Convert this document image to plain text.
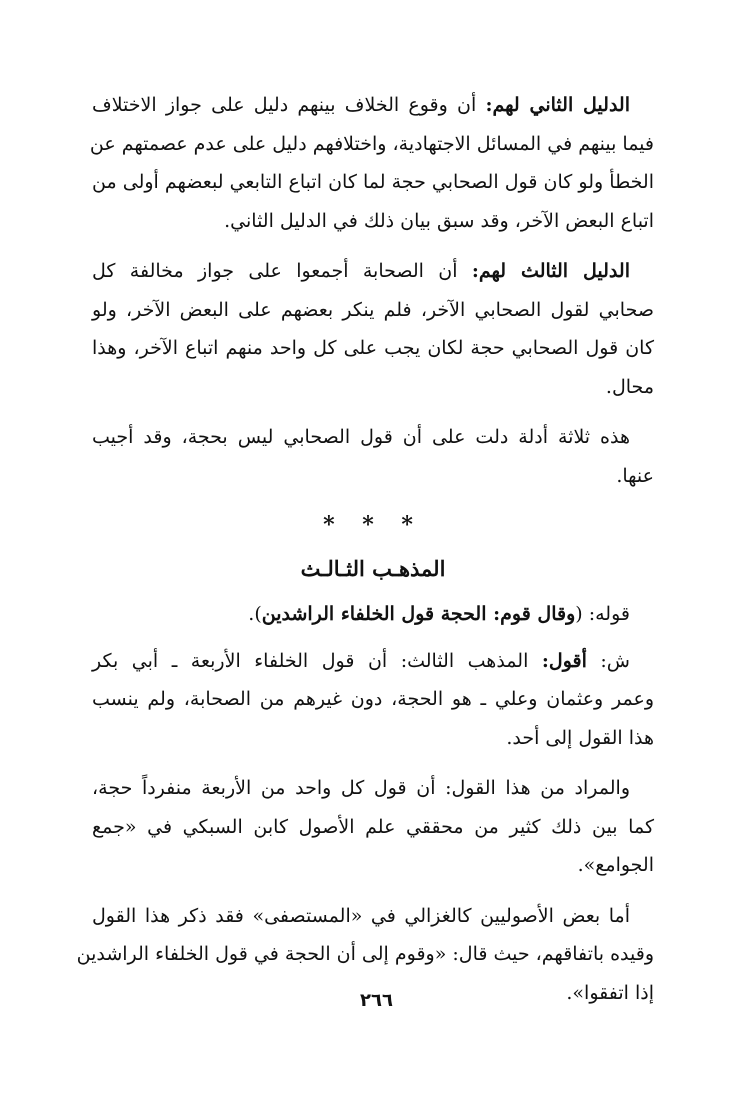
الدليل الثاني لهم: أن وقوع الخلاف بينهم دليل على جواز الاختلاف
فيما بينهم في المسائل الاجتهادية، واختلافهم دليل على عدم عصمتهم عن
الخطأ ولو كان قول الصحابي حجة لما كان اتباع التابعي لبعضهم أولى من
اتباع البعض الآخر، وقد سبق بيان ذلك في الدليل الثاني.

الدليل الثالث لهم: أن الصحابة أجمعوا على جواز مخالفة كل
صحابي لقول الصحابي الآخر، فلم ينكر بعضهم على البعض الآخر، ولو
كان قول الصحابي حجة لكان يجب على كل واحد منهم اتباع الآخر، وهذا
محال.

هذه ثلاثة أدلة دلت على أن قول الصحابي ليس بحجة، وقد أجيب
عنها.

* * *
المذهـب الثـالـث

قوله: (وقال قوم: الحجة قول الخلفاء الراشدين).

ش: أقول: المذهب الثالث: أن قول الخلفاء الأربعة ـ أبي بكر
وعمر وعثمان وعلي ـ هو الحجة، دون غيرهم من الصحابة، ولم ينسب
هذا القول إلى أحد.

والمراد من هذا القول: أن قول كل واحد من الأربعة منفرداً حجة،
كما بين ذلك كثير من محققي علم الأصول كابن السبكي في «جمع
الجوامع».

أما بعض الأصوليين كالغزالي في «المستصفى» فقد ذكر هذا القول
وقيده باتفاقهم، حيث قال: «وقوم إلى أن الحجة في قول الخلفاء الراشدين
إذا اتفقوا».

٢٦٦
